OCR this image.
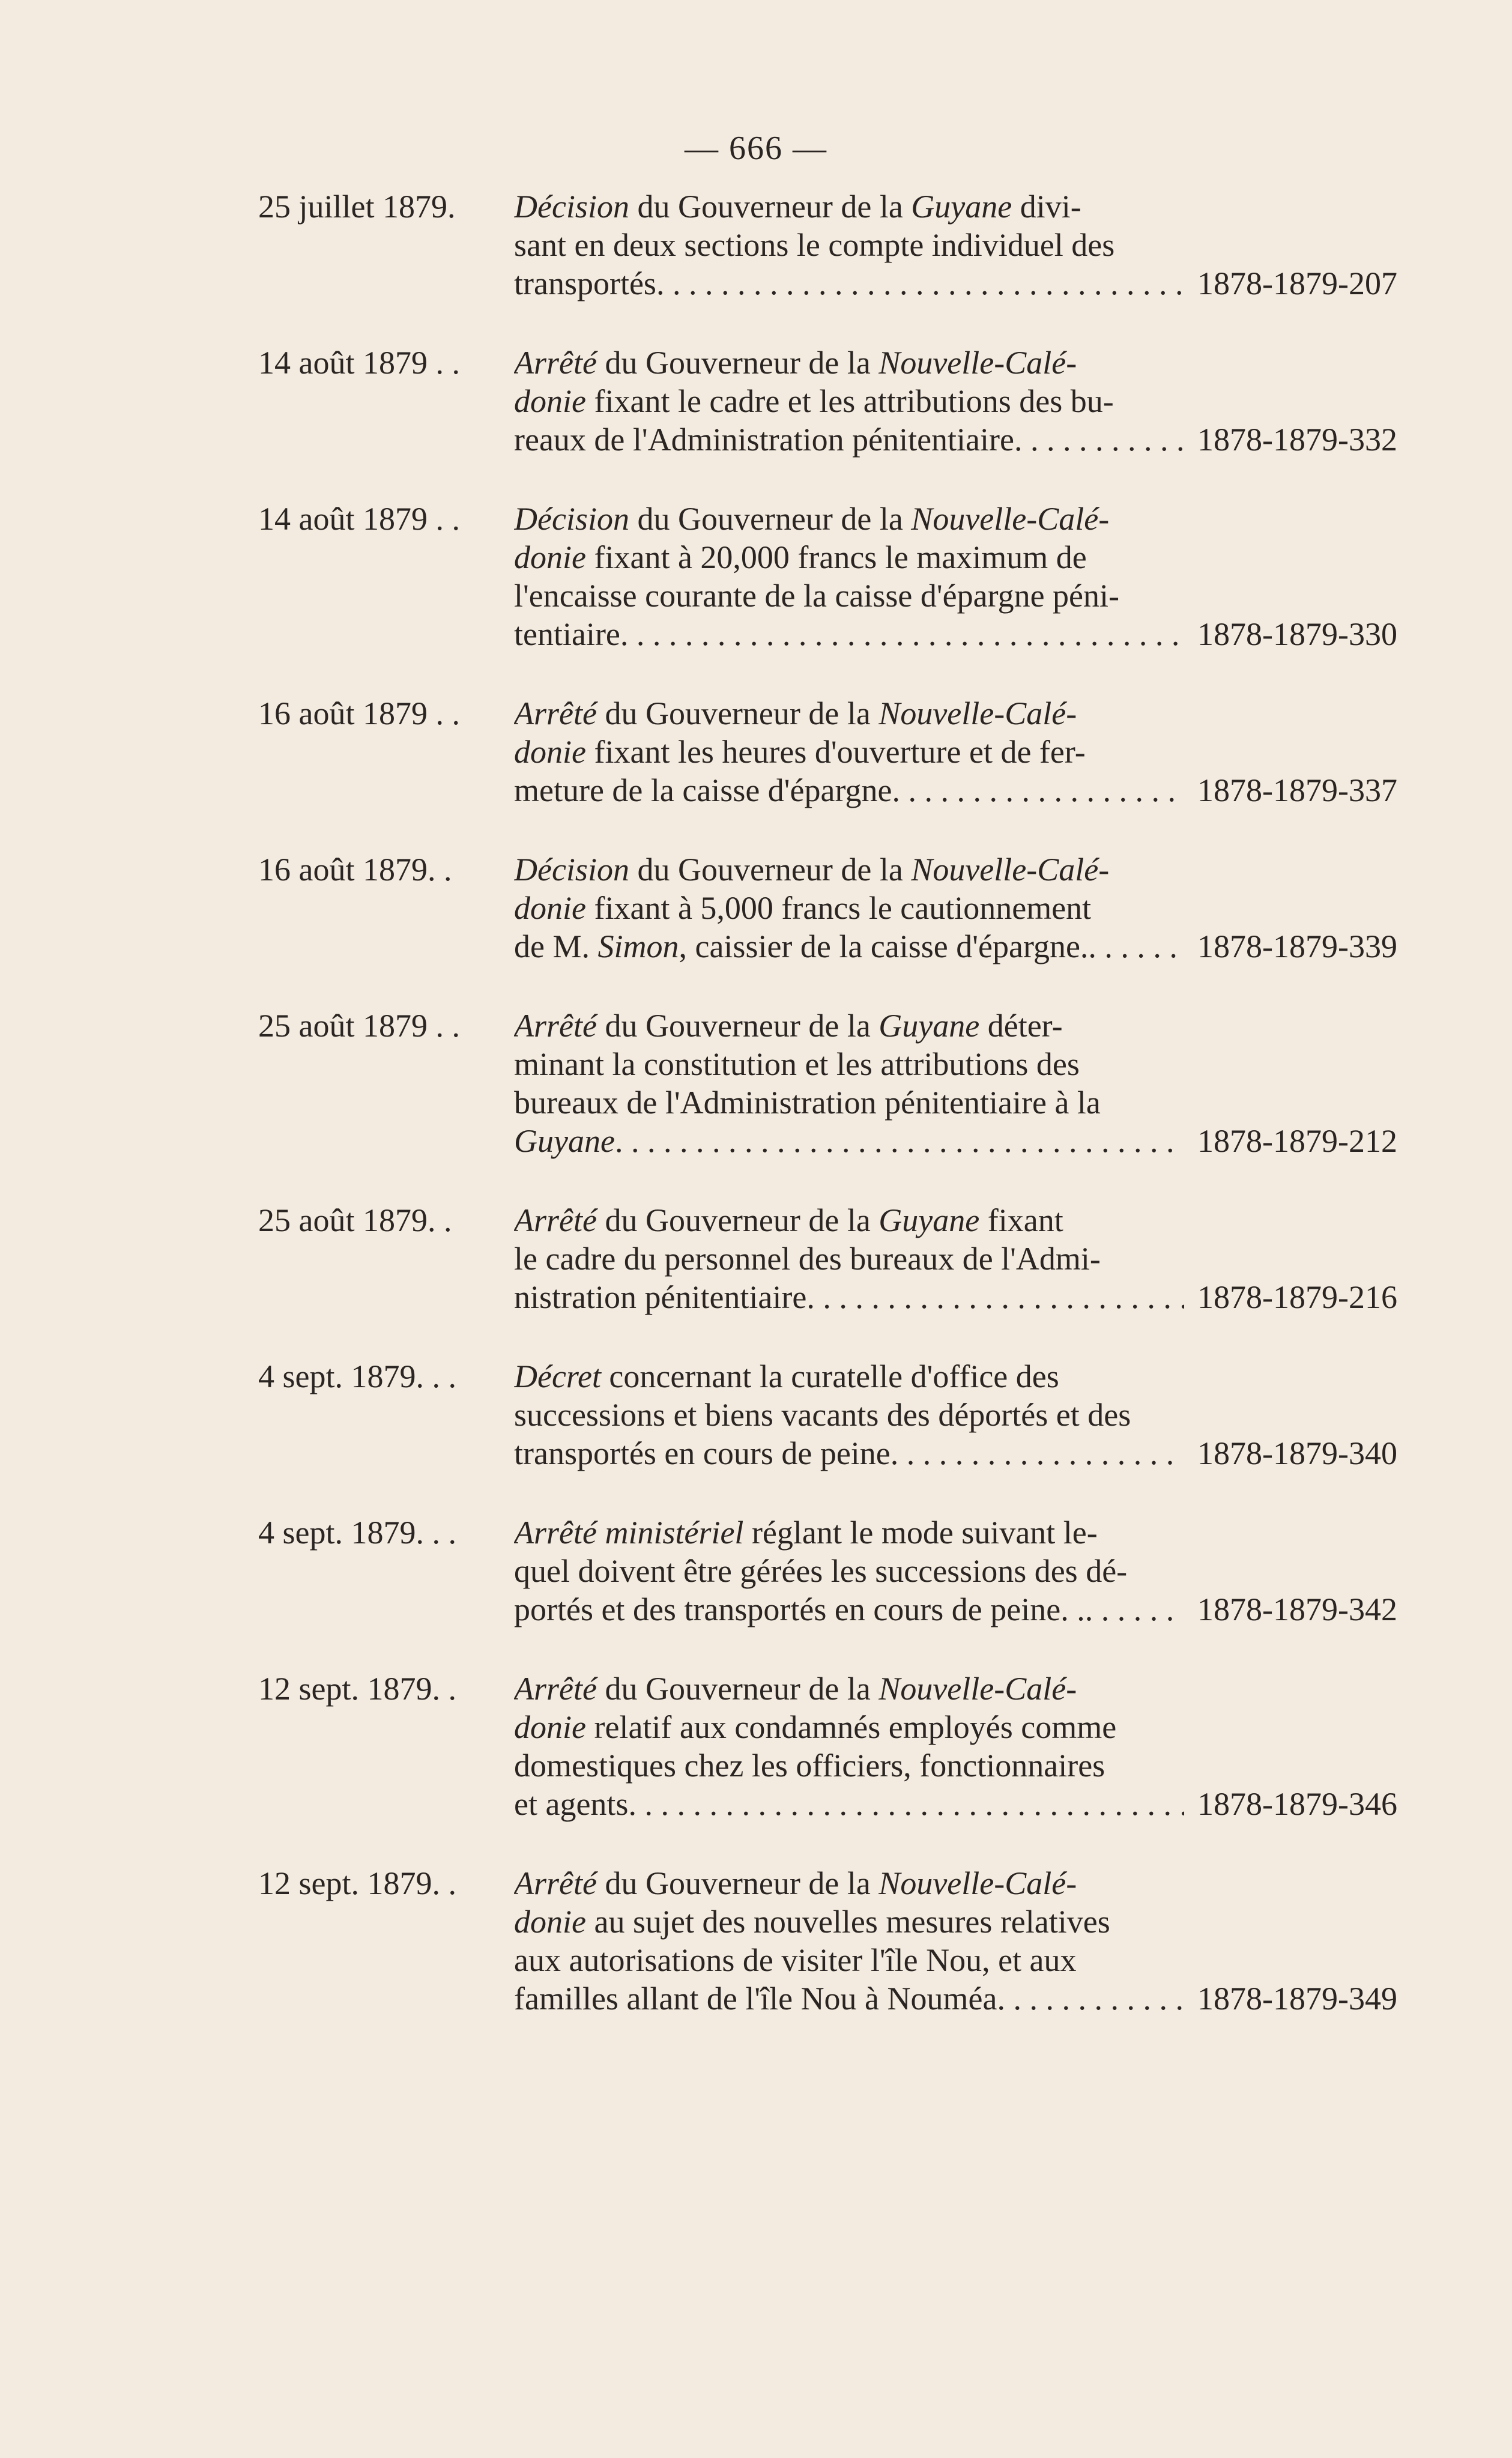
— 666 —
25 juillet 1879. Décision du Gouverneur de la Guyane divi-
sant en deux sections le compte individuel des
transportés . . .	1878-1879-207
14 août 1879 . . Arrêté du Gouverneur de la Nouvelle-Calé-
donie fixant le cadre et les attributions des bu-
reaux de l'Administration pénitentiaire . . .	1878-1879-332
14 août 1879 . . Décision du Gouverneur de la Nouvelle-Calé-
donie fixant à 20,000 francs le maximum de
l'encaisse courante de la caisse d'épargne péni-
tentiaire . . .	1878-1879-330
16 août 1879 . . Arrêté du Gouverneur de la Nouvelle-Calé-
donie fixant les heures d'ouverture et de fer-
meture de la caisse d'épargne . . .	1878-1879-337
16 août 1879. . Décision du Gouverneur de la Nouvelle-Calé-
donie fixant à 5,000 francs le cautionnement
de M. Simon, caissier de la caisse d'épargne. . . .	1878-1879-339
25 août 1879 . . Arrêté du Gouverneur de la Guyane déter-
minant la constitution et les attributions des
bureaux de l'Administration pénitentiaire à la
Guyane . . .	1878-1879-212
25 août 1879. . Arrêté du Gouverneur de la Guyane fixant
le cadre du personnel des bureaux de l'Admi-
nistration pénitentiaire . . .	1878-1879-216
4 sept. 1879. . . Décret concernant la curatelle d'office des
successions et biens vacants des déportés et des
transportés en cours de peine . . .	1878-1879-340
4 sept. 1879. . . Arrêté ministériel réglant le mode suivant le-
quel doivent être gérées les successions des dé-
portés et des transportés en cours de peine. . . . .	1878-1879-342
12 sept. 1879. . Arrêté du Gouverneur de la Nouvelle-Calé-
donie relatif aux condamnés employés comme
domestiques chez les officiers, fonctionnaires
et agents . . .	1878-1879-346
12 sept. 1879. . Arrêté du Gouverneur de la Nouvelle-Calé-
donie au sujet des nouvelles mesures relatives
aux autorisations de visiter l'île Nou, et aux
familles allant de l'île Nou à Nouméa . . .	1878-1879-349
